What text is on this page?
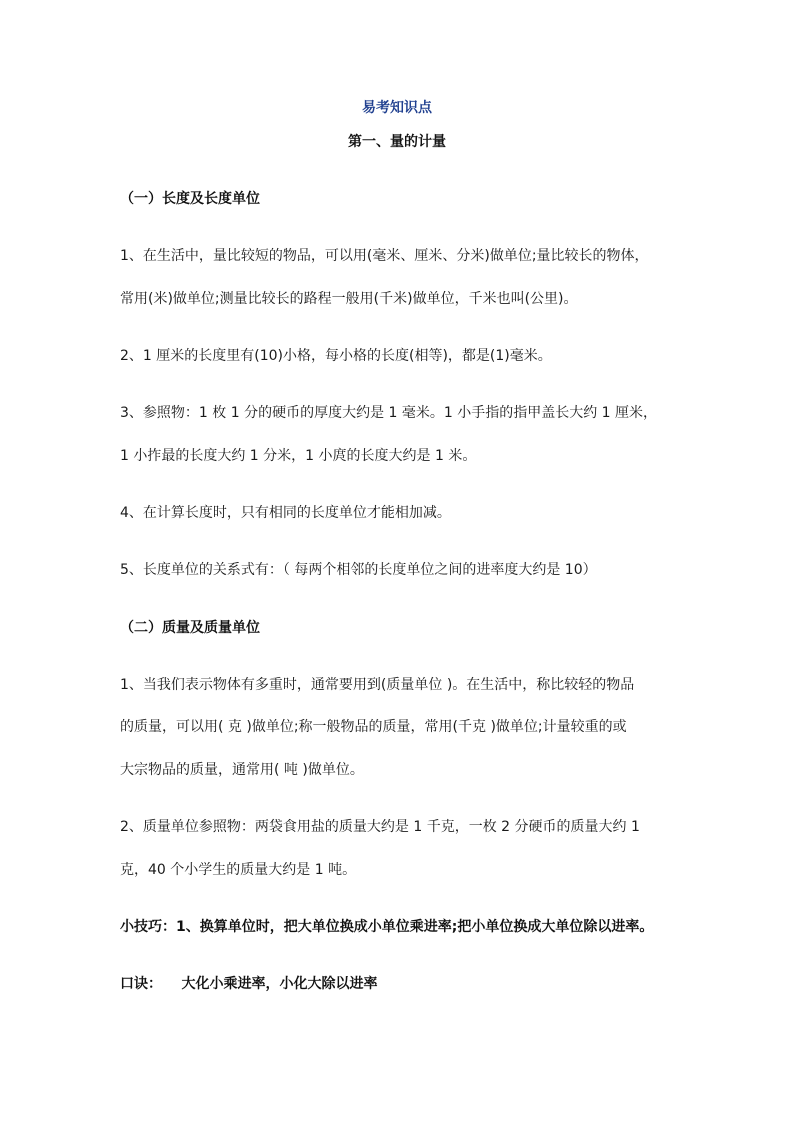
易考知识点
第一、量的计量
（一）长度及长度单位
1、在生活中，量比较短的物品，可以用(毫米、厘米、分米)做单位;量比较长的物体，
常用(米)做单位;测量比较长的路程一般用(千米)做单位，千米也叫(公里)。
2、1 厘米的长度里有(10)小格，每小格的长度(相等)，都是(1)毫米。
3、参照物：1 枚 1 分的硬币的厚度大约是 1 毫米。1 小手指的指甲盖长大约 1 厘米，
1 小拃最的长度大约 1 分米，1 小庹的长度大约是 1 米。
4、在计算长度时，只有相同的长度单位才能相加减。
5、长度单位的关系式有：（ 每两个相邻的长度单位之间的进率度大约是 10）
（二）质量及质量单位
1、当我们表示物体有多重时，通常要用到(质量单位 )。在生活中，称比较轻的物品
的质量，可以用( 克 )做单位;称一般物品的质量，常用(千克 )做单位;计量较重的或
大宗物品的质量，通常用( 吨 )做单位。
2、质量单位参照物：两袋食用盐的质量大约是 1 千克，一枚 2 分硬币的质量大约 1
克，40 个小学生的质量大约是 1 吨。
小技巧：1、换算单位时，把大单位换成小单位乘进率;把小单位换成大单位除以进率。
口诀：    大化小乘进率，小化大除以进率
